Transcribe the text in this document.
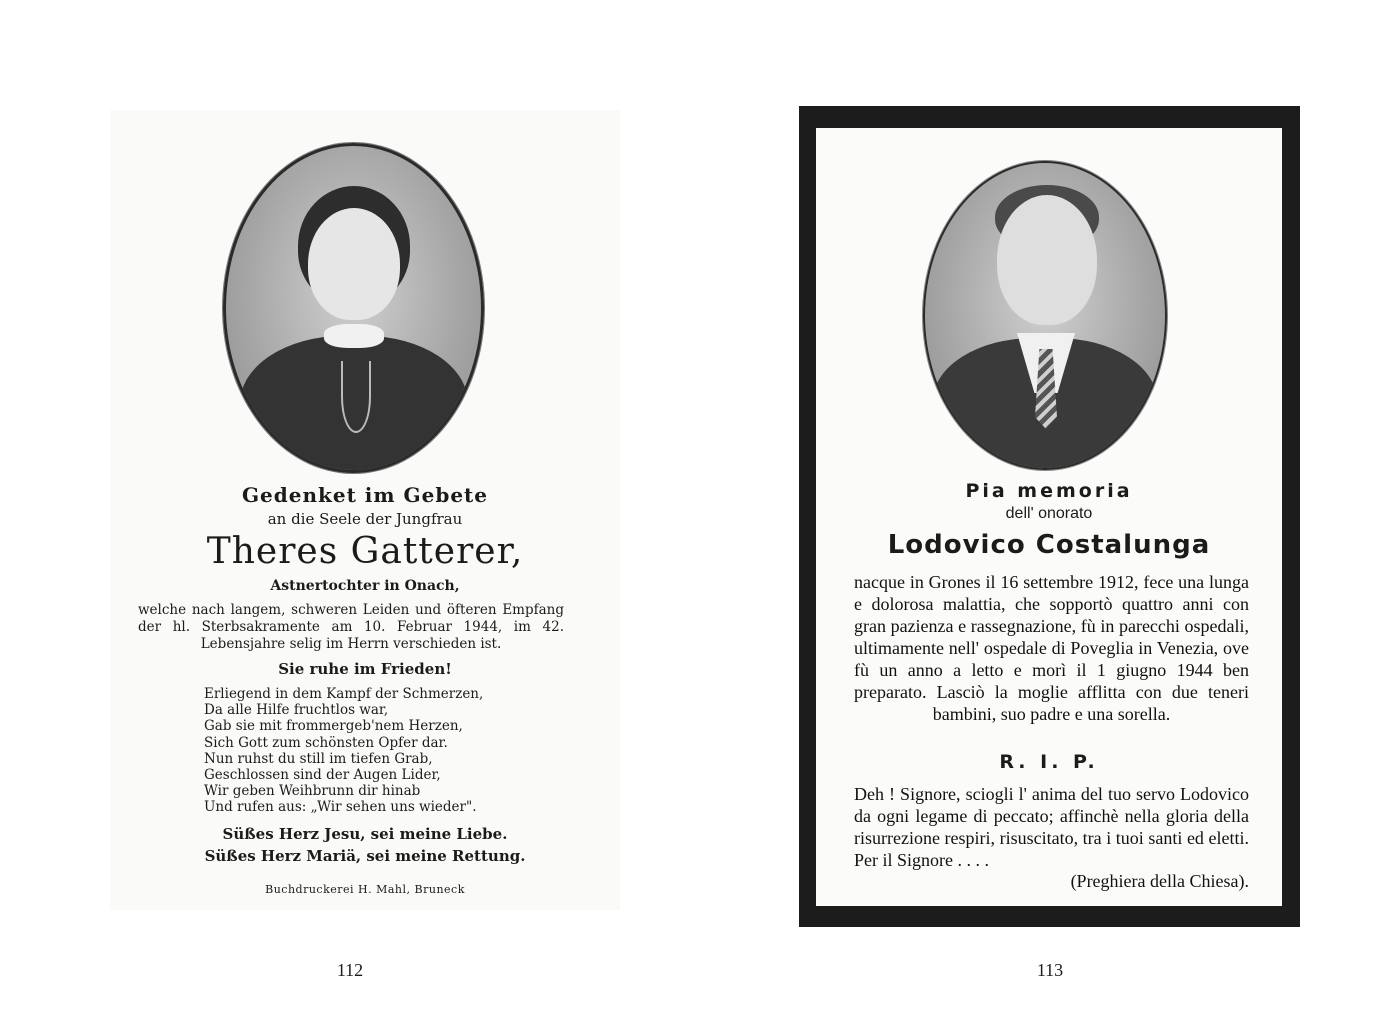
Gedenket im Gebete
an die Seele der Jungfrau
Theres Gatterer,
Astnertochter in Onach,
welche nach langem, schweren Leiden und öfteren Empfang der hl. Sterbsakramente am 10. Februar 1944, im 42. Lebensjahre selig im Herrn verschieden ist.
Sie ruhe im Frieden!
Erliegend in dem Kampf der Schmerzen,
Da alle Hilfe fruchtlos war,
Gab sie mit frommergeb'nem Herzen,
Sich Gott zum schönsten Opfer dar.
Nun ruhst du still im tiefen Grab,
Geschlossen sind der Augen Lider,
Wir geben Weihbrunn dir hinab
Und rufen aus: „Wir sehen uns wieder".
Süßes Herz Jesu, sei meine Liebe.
Süßes Herz Mariä, sei meine Rettung.
Buchdruckerei H. Mahl, Bruneck
112
Pia memoria
dell' onorato
Lodovico Costalunga
nacque in Grones il 16 settembre 1912, fece una lunga e dolorosa malattia, che sopportò quattro anni con gran pazienza e rassegnazione, fù in parecchi ospedali, ultimamente nell' ospedale di Poveglia in Venezia, ove fù un anno a letto e morì il 1 giugno 1944 ben preparato. Lasciò la moglie afflitta con due teneri bambini, suo padre e una sorella.
R. I. P.
Deh ! Signore, sciogli l' anima del tuo servo Lodovico da ogni legame di peccato; affinchè nella gloria della risurrezione respiri, risuscitato, tra i tuoi santi ed eletti. Per il Signore . . . .
(Preghiera della Chiesa).
113
